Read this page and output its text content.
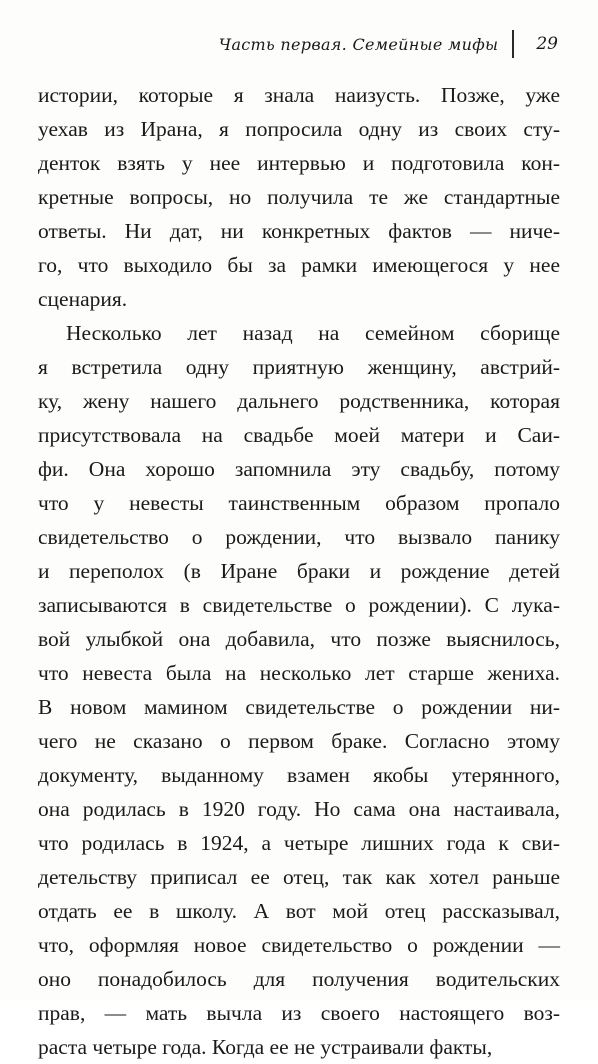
Часть первая. Семейные мифы 29
истории, которые я знала наизусть. Позже, уже
уехав из Ирана, я попросила одну из своих сту-
денток взять у нее интервью и подготовила кон-
кретные вопросы, но получила те же стандартные
ответы. Ни дат, ни конкретных фактов — ниче-
го, что выходило бы за рамки имеющегося у нее
сценария.
Несколько лет назад на семейном сборище
я встретила одну приятную женщину, австрий-
ку, жену нашего дальнего родственника, которая
присутствовала на свадьбе моей матери и Саи-
фи. Она хорошо запомнила эту свадьбу, потому
что у невесты таинственным образом пропало
свидетельство о рождении, что вызвало панику
и переполох (в Иране браки и рождение детей
записываются в свидетельстве о рождении). С лука-
вой улыбкой она добавила, что позже выяснилось,
что невеста была на несколько лет старше жениха.
В новом мамином свидетельстве о рождении ни-
чего не сказано о первом браке. Согласно этому
документу, выданному взамен якобы утерянного,
она родилась в 1920 году. Но сама она настаивала,
что родилась в 1924, а четыре лишних года к сви-
детельству приписал ее отец, так как хотел раньше
отдать ее в школу. А вот мой отец рассказывал,
что, оформляя новое свидетельство о рождении —
оно понадобилось для получения водительских
прав, — мать вычла из своего настоящего воз-
раста четыре года. Когда ее не устраивали факты,
